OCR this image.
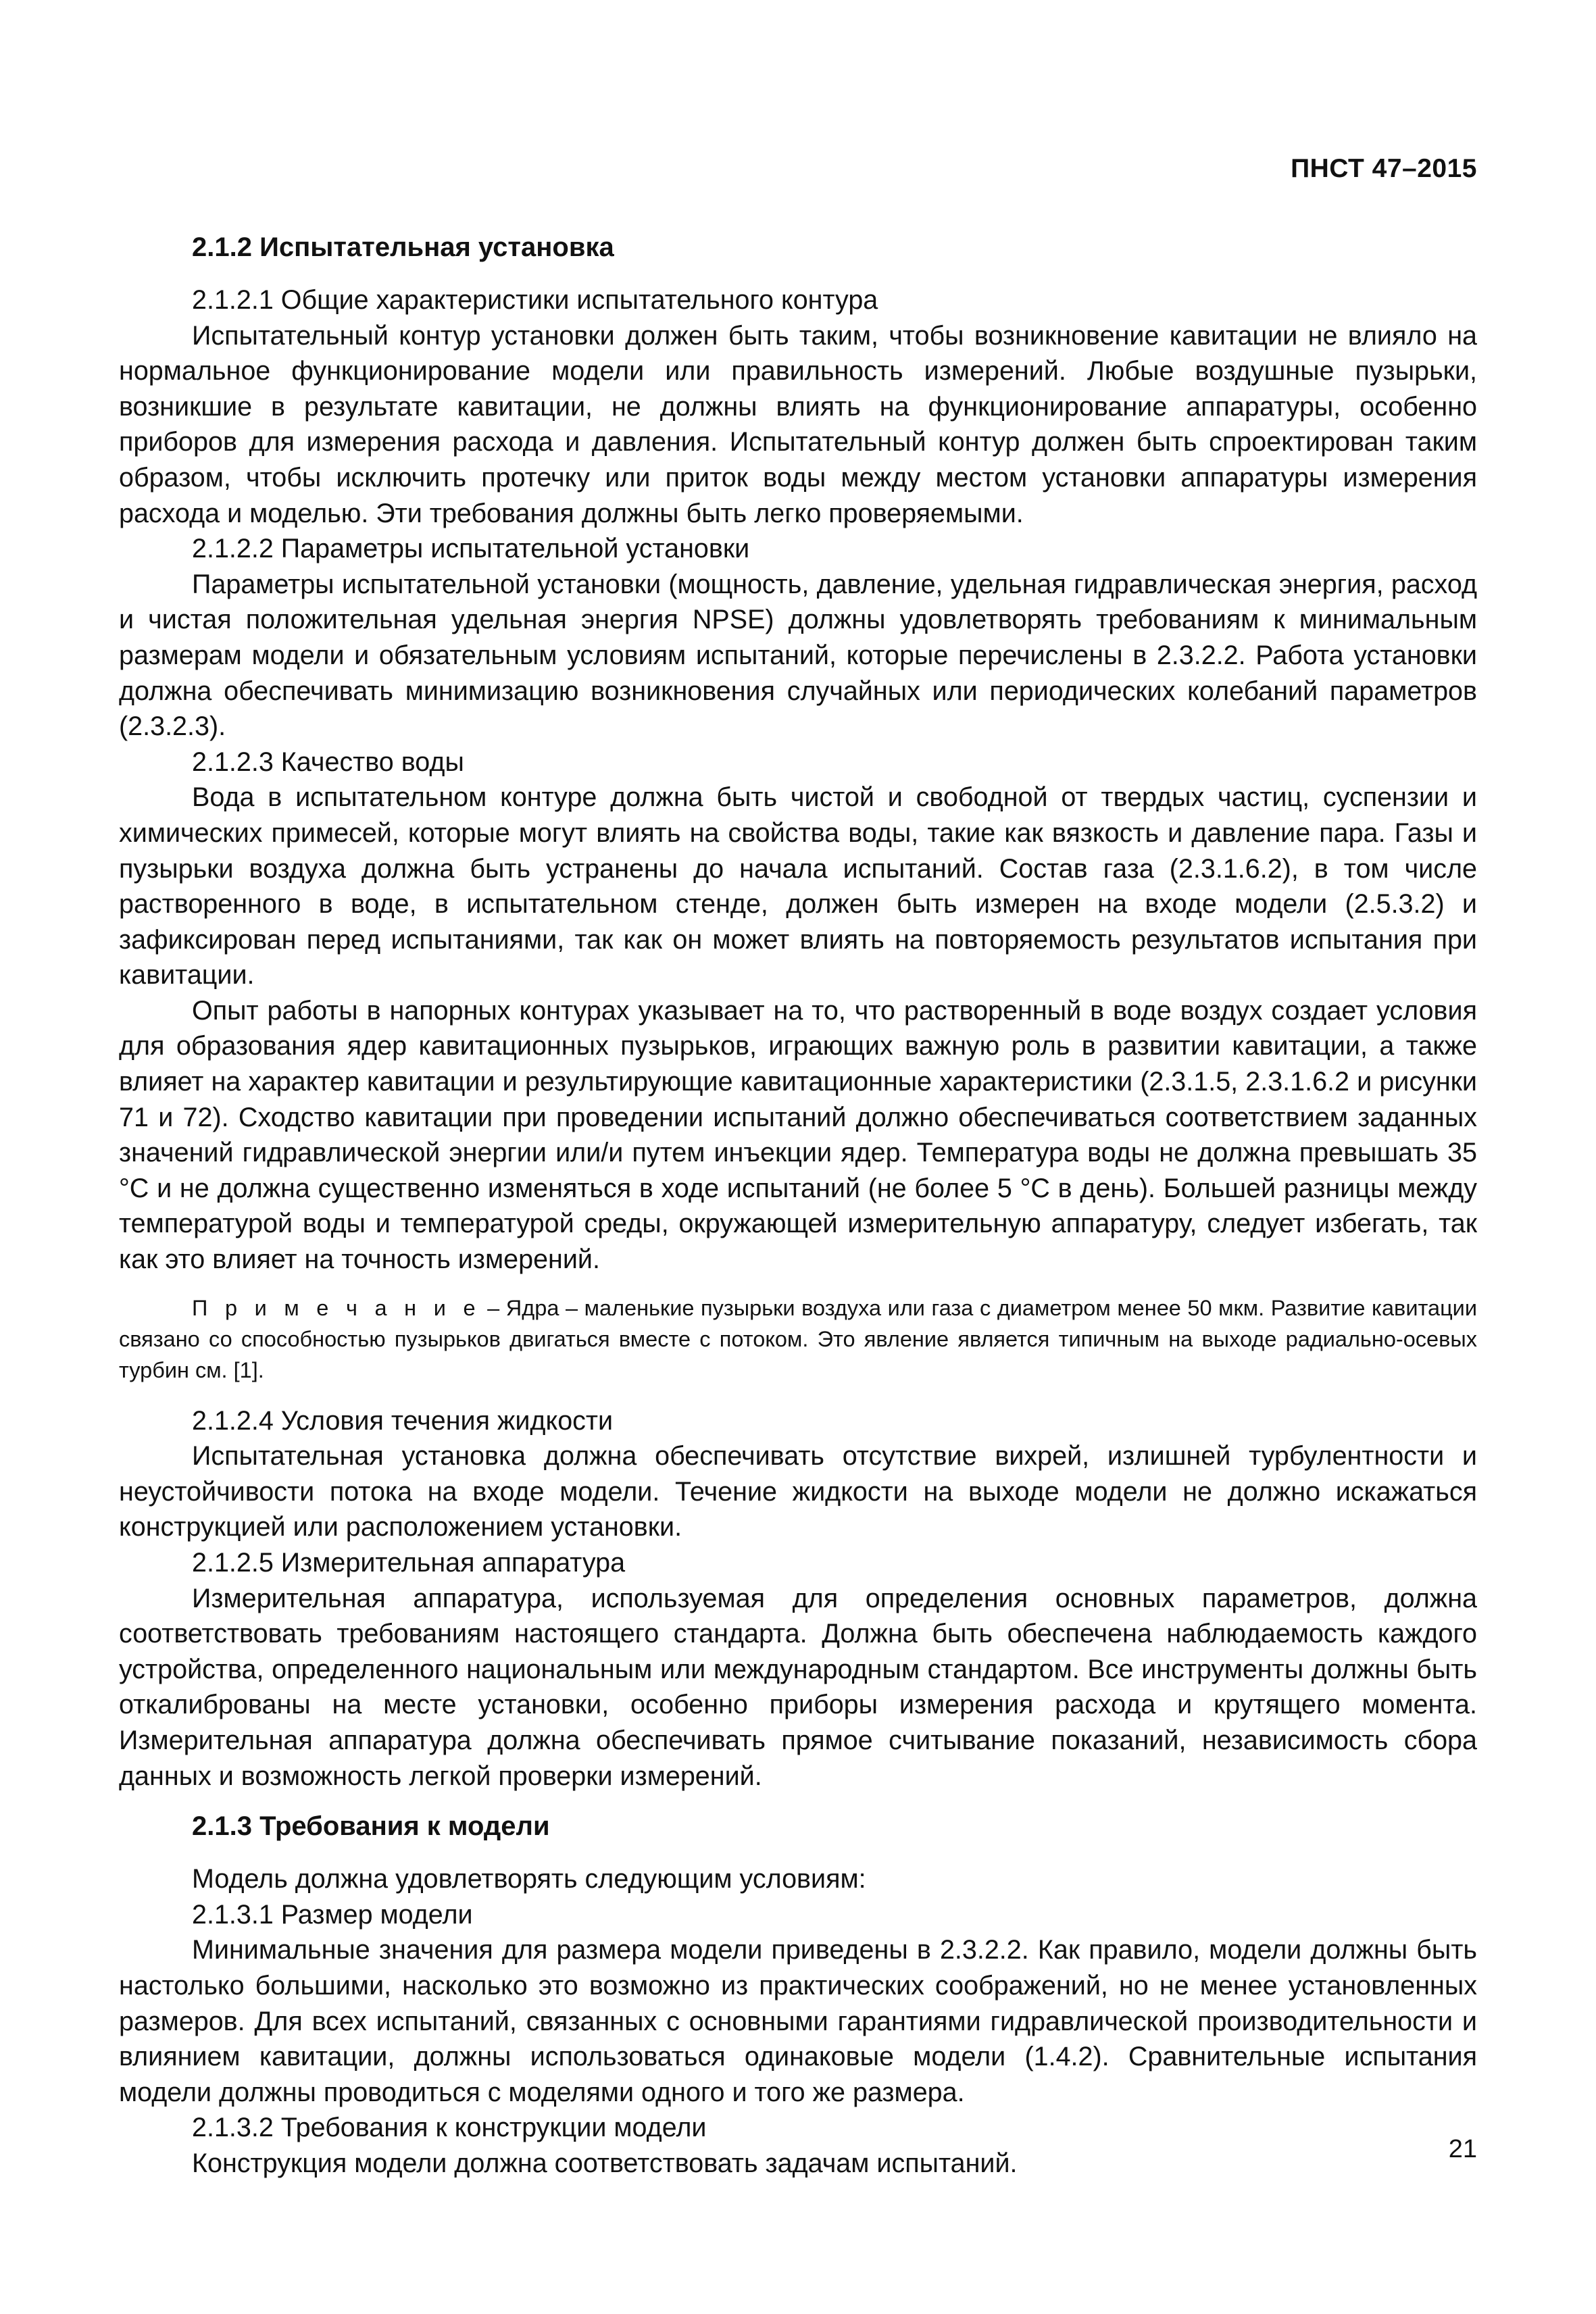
ПНСТ 47–2015
2.1.2 Испытательная установка

2.1.2.1 Общие характеристики испытательного контура

Испытательный контур установки должен быть таким, чтобы возникновение кавитации не влияло на нормальное функционирование модели или правильность измерений. Любые воздушные пузырьки, возникшие в результате кавитации, не должны влиять на функционирование аппаратуры, особенно приборов для измерения расхода и давления. Испытательный контур должен быть спроектирован таким образом, чтобы исключить протечку или приток воды между местом установки аппаратуры измерения расхода и моделью. Эти требования должны быть легко проверяемыми.

2.1.2.2 Параметры испытательной установки

Параметры испытательной установки (мощность, давление, удельная гидравлическая энергия, расход и чистая положительная удельная энергия NPSE) должны удовлетворять требованиям к минимальным размерам модели и обязательным условиям испытаний, которые перечислены в 2.3.2.2. Работа установки должна обеспечивать минимизацию возникновения случайных или периодических колебаний параметров (2.3.2.3).

2.1.2.3 Качество воды

Вода в испытательном контуре должна быть чистой и свободной от твердых частиц, суспензии и химических примесей, которые могут влиять на свойства воды, такие как вязкость и давление пара. Газы и пузырьки воздуха должна быть устранены до начала испытаний. Состав газа (2.3.1.6.2), в том числе растворенного в воде, в испытательном стенде, должен быть измерен на входе модели (2.5.3.2) и зафиксирован перед испытаниями, так как он может влиять на повторяемость результатов испытания при кавитации.

Опыт работы в напорных контурах указывает на то, что растворенный в воде воздух создает условия для образования ядер кавитационных пузырьков, играющих важную роль в развитии кавитации, а также влияет на характер кавитации и результирующие кавитационные характеристики (2.3.1.5, 2.3.1.6.2 и рисунки 71 и 72). Сходство кавитации при проведении испытаний должно обеспечиваться соответствием заданных значений гидравлической энергии или/и путем инъекции ядер. Температура воды не должна превышать 35 °С и не должна существенно изменяться в ходе испытаний (не более 5 °С в день). Большей разницы между температурой воды и температурой среды, окружающей измерительную аппаратуру, следует избегать, так как это влияет на точность измерений.

П р и м е ч а н и е – Ядра – маленькие пузырьки воздуха или газа с диаметром менее 50 мкм. Развитие кавитации связано со способностью пузырьков двигаться вместе с потоком. Это явление является типичным на выходе радиально-осевых турбин см. [1].

2.1.2.4 Условия течения жидкости

Испытательная установка должна обеспечивать отсутствие вихрей, излишней турбулентности и неустойчивости потока на входе модели. Течение жидкости на выходе модели не должно искажаться конструкцией или расположением установки.

2.1.2.5 Измерительная аппаратура

Измерительная аппаратура, используемая для определения основных параметров, должна соответствовать требованиям настоящего стандарта. Должна быть обеспечена наблюдаемость каждого устройства, определенного национальным или международным стандартом. Все инструменты должны быть откалиброваны на месте установки, особенно приборы измерения расхода и крутящего момента. Измерительная аппаратура должна обеспечивать прямое считывание показаний, независимость сбора данных и возможность легкой проверки измерений.

2.1.3 Требования к модели

Модель должна удовлетворять следующим условиям:

2.1.3.1 Размер модели

Минимальные значения для размера модели приведены в 2.3.2.2. Как правило, модели должны быть настолько большими, насколько это возможно из практических соображений, но не менее установленных размеров. Для всех испытаний, связанных с основными гарантиями гидравлической производительности и влиянием кавитации, должны использоваться одинаковые модели (1.4.2). Сравнительные испытания модели должны проводиться с моделями одного и того же размера.

2.1.3.2 Требования к конструкции модели

Конструкция модели должна соответствовать задачам испытаний.	21
